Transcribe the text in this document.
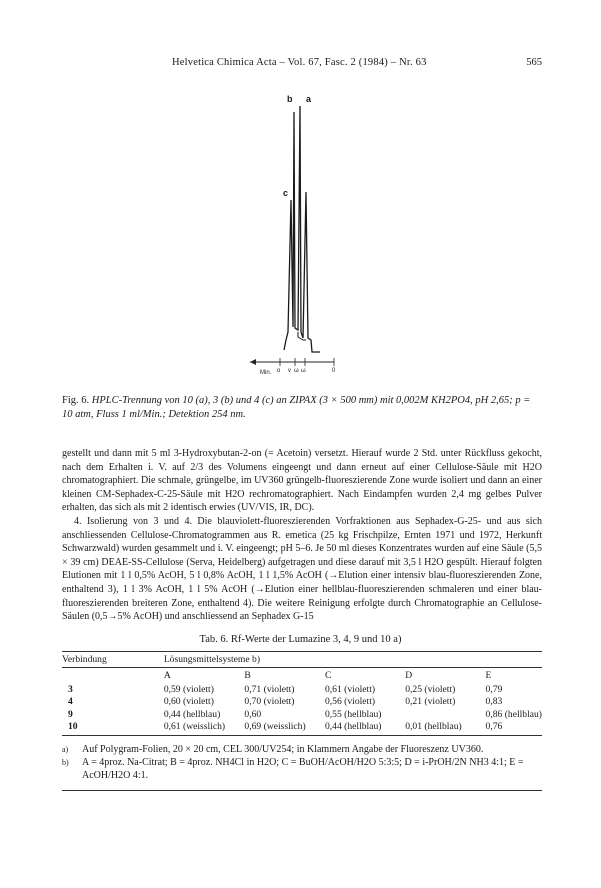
Helvetica Chimica Acta – Vol. 67, Fasc. 2 (1984) – Nr. 63	565
b a
c
Min. o v ω ω	0
Fig. 6. HPLC-Trennung von 10 (a), 3 (b) und 4 (c) an ZIPAX (3 × 500 mm) mit 0,002M KH2PO4, pH 2,65; p = 10 atm, Fluss 1 ml/Min.; Detektion 254 nm.

gestellt und dann mit 5 ml 3-Hydroxybutan-2-on (= Acetoin) versetzt. Hierauf wurde 2 Std. unter Rückfluss gekocht, nach dem Erhalten i. V. auf 2/3 des Volumens eingeengt und dann erneut auf einer Cellulose-Säule mit H2O chromatographiert. Die schmale, grüngelbe, im UV360 grüngelb-fluoreszierende Zone wurde isoliert und dann an einer kleinen CM-Sephadex-C-25-Säule mit H2O rechromatographiert. Nach Eindampfen wurden 2,4 mg gelbes Pulver erhalten, das sich als mit 2 identisch erwies (UV/VIS, IR, DC).

4. Isolierung von 3 und 4. Die blauviolett-fluoreszierenden Vorfraktionen aus Sephadex-G-25- und aus sich anschliessenden Cellulose-Chromatogrammen aus R. emetica (25 kg Frischpilze, Ernten 1971 und 1972, Herkunft Schwarzwald) wurden gesammelt und i. V. eingeengt; pH 5–6. Je 50 ml dieses Konzentrates wurden auf eine Säule (5,5 × 39 cm) DEAE-SS-Cellulose (Serva, Heidelberg) aufgetragen und diese darauf mit 3,5 l H2O gespült. Hierauf folgten Elutionen mit 1 l 0,5% AcOH, 5 l 0,8% AcOH, 1 l 1,5% AcOH (→Elution einer intensiv blau-fluoreszierenden Zone, enthaltend 3), 1 l 3% AcOH, 1 l 5% AcOH (→Elution einer hellblau-fluoreszierenden schmaleren und einer blau-fluoreszierenden breiteren Zone, enthaltend 4). Die weitere Reinigung erfolgte durch Chromatographie an Cellulose-Säulen (0,5→5% AcOH) und anschliessend an Sephadex G-15

Tab. 6. Rf-Werte der Lumazine 3, 4, 9 und 10 a)
Verbindung	Lösungsmittelsysteme b)				
	A	B	C	D	E
3	0,59 (violett)	0,71 (violett)	0,61 (violett)	0,25 (violett)	0,79
4	0,60 (violett)	0,70 (violett)	0,56 (violett)	0,21 (violett)	0,83
9	0,44 (hellblau)	0,60	0,55 (hellblau)		0,86 (hellblau)
10	0,61 (weisslich)	0,69 (weisslich)	0,44 (hellblau)	0,01 (hellblau)	0,76
a) Auf Polygram-Folien, 20 × 20 cm, CEL 300/UV254; in Klammern Angabe der Fluoreszenz UV360.
b) A = 4proz. Na-Citrat; B = 4proz. NH4Cl in H2O; C = BuOH/AcOH/H2O 5:3:5; D = i-PrOH/2N NH3 4:1; E = AcOH/H2O 4:1.
